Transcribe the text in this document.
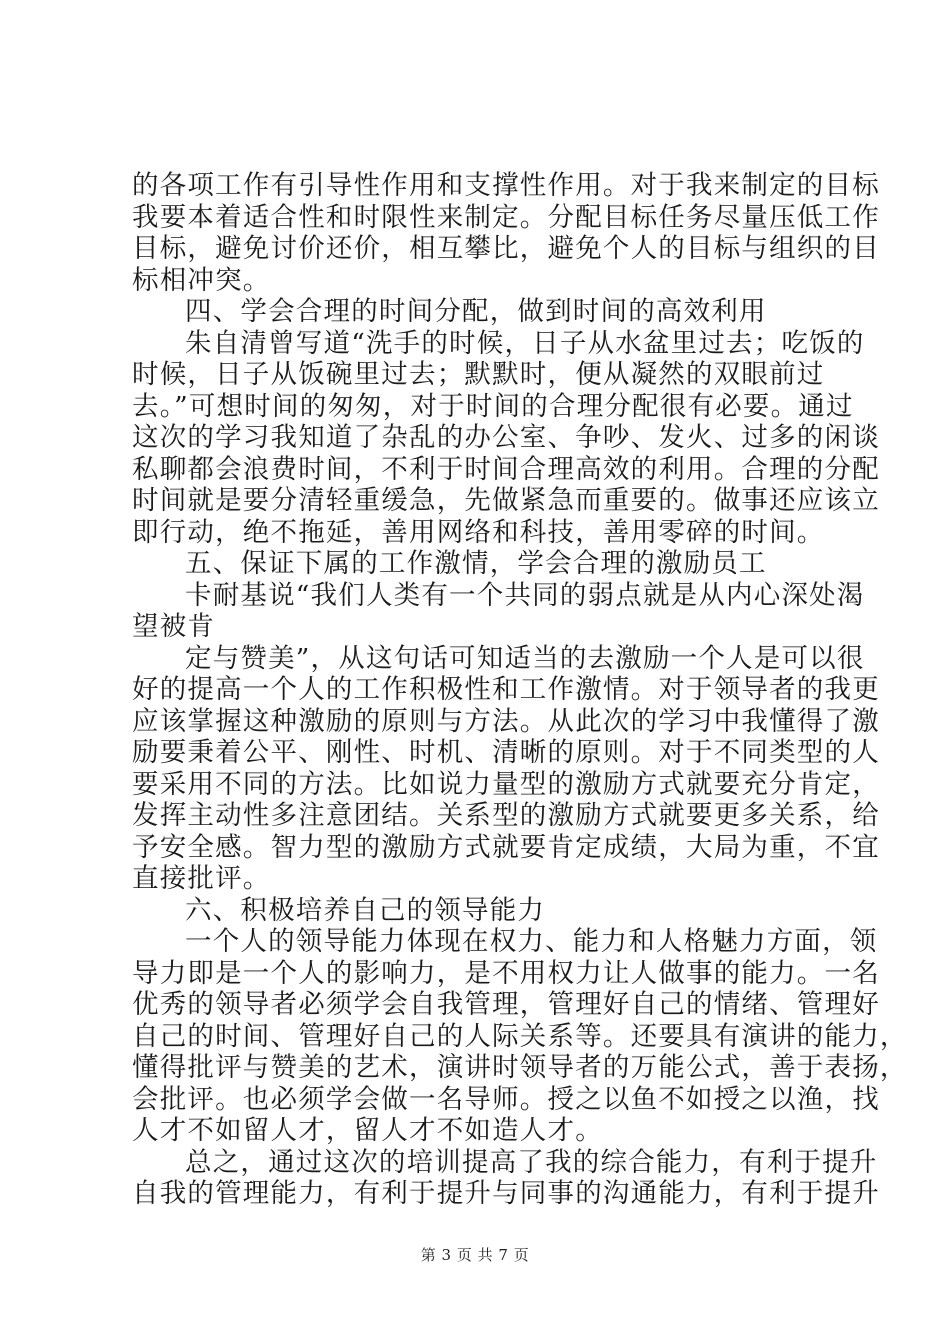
的各项工作有引导性作用和支撑性作用。对于我来制定的目标
我要本着适合性和时限性来制定。分配目标任务尽量压低工作
目标，避免讨价还价，相互攀比，避免个人的目标与组织的目
标相冲突。
四、学会合理的时间分配，做到时间的高效利用
朱自清曾写道“洗手的时候，日子从水盆里过去；吃饭的
时候，日子从饭碗里过去；默默时，便从凝然的双眼前过
去。”可想时间的匆匆，对于时间的合理分配很有必要。通过
这次的学习我知道了杂乱的办公室、争吵、发火、过多的闲谈
私聊都会浪费时间，不利于时间合理高效的利用。合理的分配
时间就是要分清轻重缓急，先做紧急而重要的。做事还应该立
即行动，绝不拖延，善用网络和科技，善用零碎的时间。
五、保证下属的工作激情，学会合理的激励员工
卡耐基说“我们人类有一个共同的弱点就是从内心深处渴
望被肯
定与赞美”，从这句话可知适当的去激励一个人是可以很
好的提高一个人的工作积极性和工作激情。对于领导者的我更
应该掌握这种激励的原则与方法。从此次的学习中我懂得了激
励要秉着公平、刚性、时机、清晰的原则。对于不同类型的人
要采用不同的方法。比如说力量型的激励方式就要充分肯定，
发挥主动性多注意团结。关系型的激励方式就要更多关系，给
予安全感。智力型的激励方式就要肯定成绩，大局为重，不宜
直接批评。
六、积极培养自己的领导能力
一个人的领导能力体现在权力、能力和人格魅力方面，领
导力即是一个人的影响力，是不用权力让人做事的能力。一名
优秀的领导者必须学会自我管理，管理好自己的情绪、管理好
自己的时间、管理好自己的人际关系等。还要具有演讲的能力，
懂得批评与赞美的艺术，演讲时领导者的万能公式，善于表扬，
会批评。也必须学会做一名导师。授之以鱼不如授之以渔，找
人才不如留人才，留人才不如造人才。
总之，通过这次的培训提高了我的综合能力，有利于提升
自我的管理能力，有利于提升与同事的沟通能力，有利于提升
第 3 页 共 7 页
